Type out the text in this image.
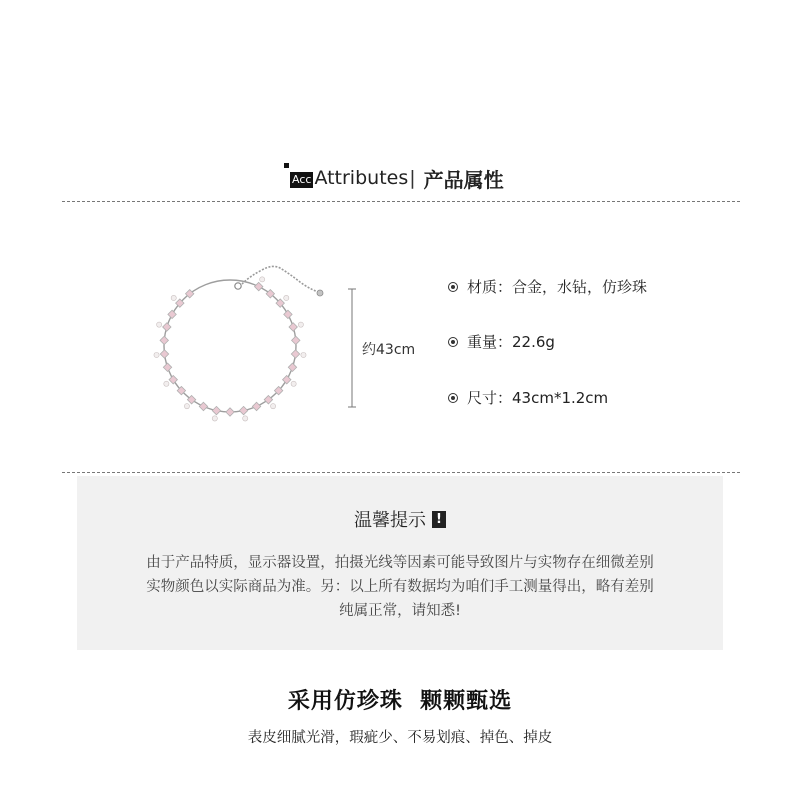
Acc Attributes | 产品属性
约43cm
材质：合金，水钻，仿珍珠
重量：22.6g
尺寸：43cm*1.2cm
温馨提示 !
由于产品特质，显示器设置，拍摄光线等因素可能导致图片与实物存在细微差别
实物颜色以实际商品为准。另：以上所有数据均为咱们手工测量得出，略有差别
纯属正常，请知悉!
采用仿珍珠  颗颗甄选
表皮细腻光滑，瑕疵少、不易划痕、掉色、掉皮
